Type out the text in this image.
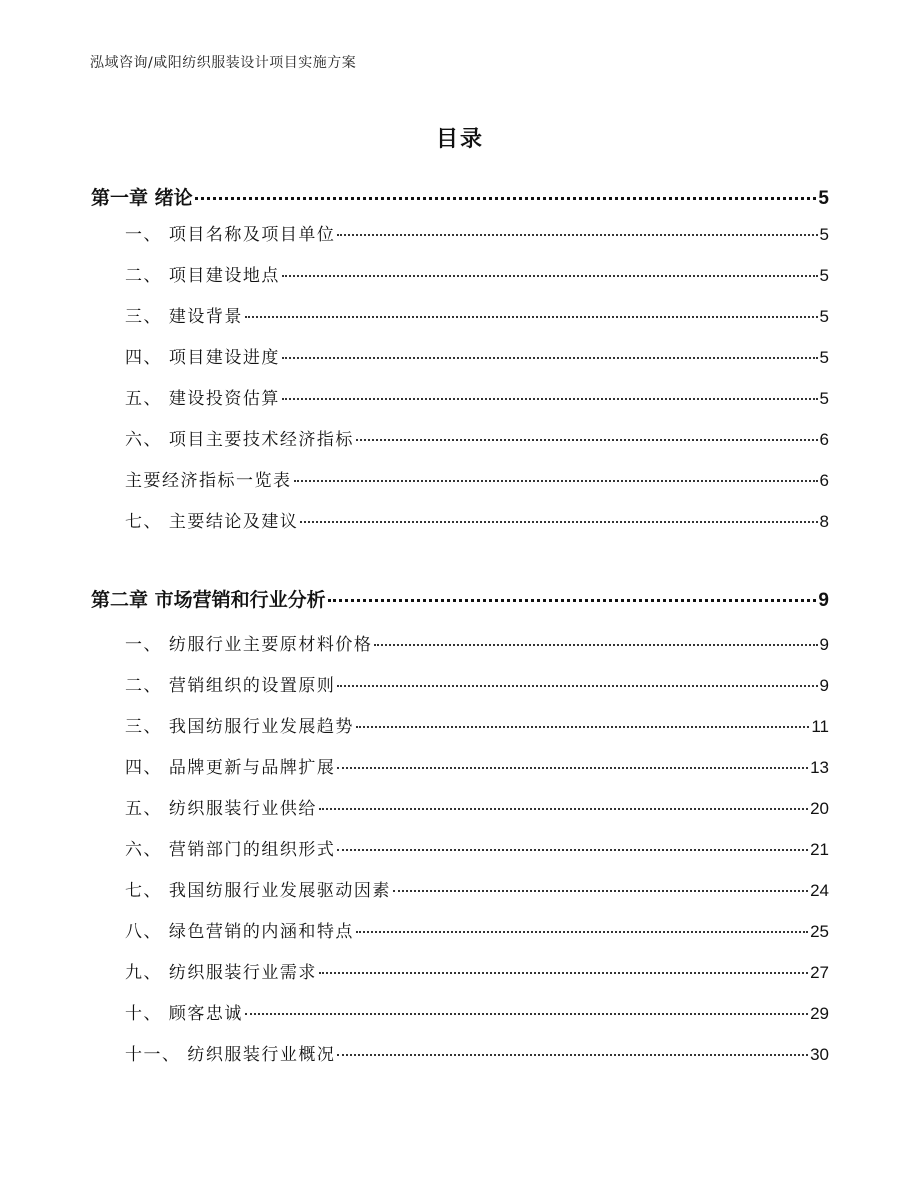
泓域咨询/咸阳纺织服装设计项目实施方案
目录
第一章 绪论	5
一、 项目名称及项目单位	5
二、 项目建设地点	5
三、 建设背景	5
四、 项目建设进度	5
五、 建设投资估算	5
六、 项目主要技术经济指标	6
主要经济指标一览表	6
七、 主要结论及建议	8
第二章 市场营销和行业分析	9
一、 纺服行业主要原材料价格	9
二、 营销组织的设置原则	9
三、 我国纺服行业发展趋势	11
四、 品牌更新与品牌扩展	13
五、 纺织服装行业供给	20
六、 营销部门的组织形式	21
七、 我国纺服行业发展驱动因素	24
八、 绿色营销的内涵和特点	25
九、 纺织服装行业需求	27
十、 顾客忠诚	29
十一、 纺织服装行业概况	30
